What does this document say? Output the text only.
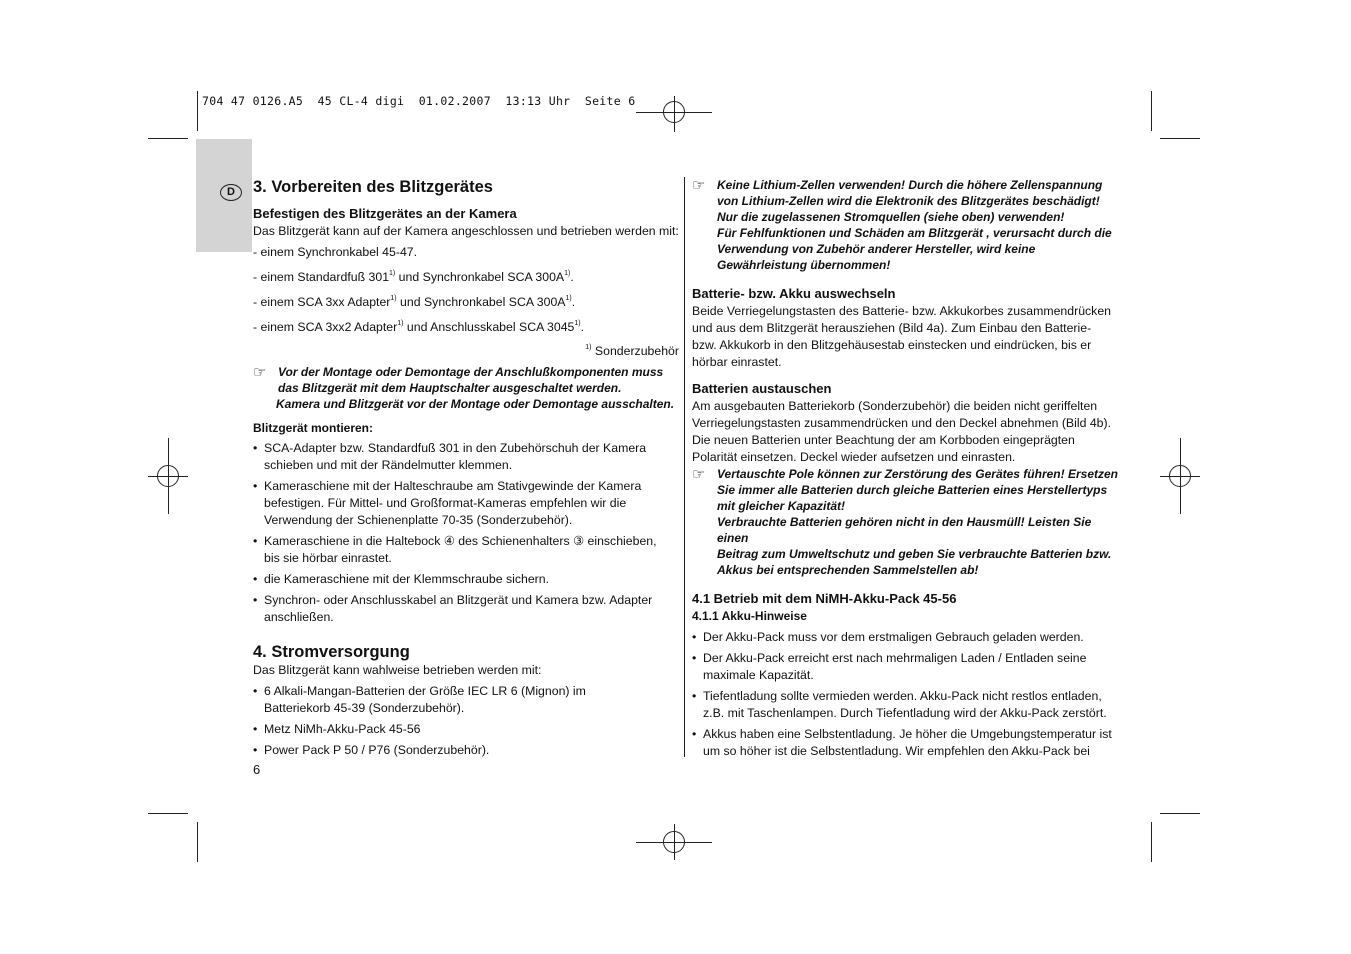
704 47 0126.A5  45 CL-4 digi  01.02.2007  13:13 Uhr  Seite 6
D	3. Vorbereiten des Blitzgerätes

Befestigen des Blitzgerätes an der Kamera

Das Blitzgerät kann auf der Kamera angeschlossen und betrieben werden mit:

- einem Synchronkabel 45-47.

- einem Standardfuß 301$^{1)}$ und Synchronkabel SCA $300A^{1)}$.

- einem SCA 3xx Adapter$^{1)}$ und Synchronkabel SCA $300A^{1)}$.

- einem SCA 3xx2 Adapter$^{1)}$ und Anschlusskabel SCA 3045$^{1)}$.

$^{1)}$ Sonderzubehör

☞ Vor der Montage oder Demontage der Anschlußkomponenten muss

das Blitzgerät mit dem Hauptschalter ausgeschaltet werden.

Kamera und Blitzgerät vor der Montage oder Demontage ausschalten.

Blitzgerät montieren:

• SCA-Adapter bzw. Standardfuß 301 in den Zubehörschuh der Kamera

schieben und mit der Rändelmutter klemmen.

• Kameraschiene mit der Halteschraube am Stativgewinde der Kamera

befestigen. Für Mittel- und Großformat-Kameras empfehlen wir die

Verwendung der Schienenplatte 70-35 (Sonderzubehör).

• Kameraschiene in die Haltebock ④ des Schienenhalters ③ einschieben,

bis sie hörbar einrastet.

• die Kameraschiene mit der Klemmschraube sichern.

• Synchron- oder Anschlusskabel an Blitzgerät und Kamera bzw. Adapter

anschließen.

4. Stromversorgung

Das Blitzgerät kann wahlweise betrieben werden mit:

• 6 Alkali-Mangan-Batterien der Größe IEC LR 6 (Mignon) im

Batteriekorb 45-39 (Sonderzubehör).

• Metz NiMh-Akku-Pack 45-56

• Power Pack P 50 / P76 (Sonderzubehör).

6
☞ Keine Lithium-Zellen verwenden! Durch die höhere Zellenspannung

von Lithium-Zellen wird die Elektronik des Blitzgerätes beschädigt!

Nur die zugelassenen Stromquellen (siehe oben) verwenden!

Für Fehlfunktionen und Schäden am Blitzgerät , verursacht durch die

Verwendung von Zubehör anderer Hersteller, wird keine

Gewährleistung übernommen!

Batterie- bzw. Akku auswechseln

Beide Verriegelungstasten des Batterie- bzw. Akkukorbes zusammendrücken

und aus dem Blitzgerät herausziehen (Bild 4a). Zum Einbau den Batterie-

bzw. Akkukorb in den Blitzgehäusestab einstecken und eindrücken, bis er

hörbar einrastet.

Batterien austauschen

Am ausgebauten Batteriekorb (Sonderzubehör) die beiden nicht geriffelten

Verriegelungstasten zusammendrücken und den Deckel abnehmen (Bild 4b).

Die neuen Batterien unter Beachtung der am Korbboden eingeprägten

Polarität einsetzen. Deckel wieder aufsetzen und einrasten.

☞ Vertauschte Pole können zur Zerstörung des Gerätes führen! Ersetzen

Sie immer alle Batterien durch gleiche Batterien eines Herstellertyps

mit gleicher Kapazität!

Verbrauchte Batterien gehören nicht in den Hausmüll! Leisten Sie einen

Beitrag zum Umweltschutz und geben Sie verbrauchte Batterien bzw.

Akkus bei entsprechenden Sammelstellen ab!

4.1 Betrieb mit dem NiMH-Akku-Pack 45-56

4.1.1 Akku-Hinweise

• Der Akku-Pack muss vor dem erstmaligen Gebrauch geladen werden.

• Der Akku-Pack erreicht erst nach mehrmaligen Laden / Entladen seine

maximale Kapazität.

• Tiefentladung sollte vermieden werden. Akku-Pack nicht restlos entladen,

z.B. mit Taschenlampen. Durch Tiefentladung wird der Akku-Pack zerstört.

• Akkus haben eine Selbstentladung. Je höher die Umgebungstemperatur ist

um so höher ist die Selbstentladung. Wir empfehlen den Akku-Pack bei
